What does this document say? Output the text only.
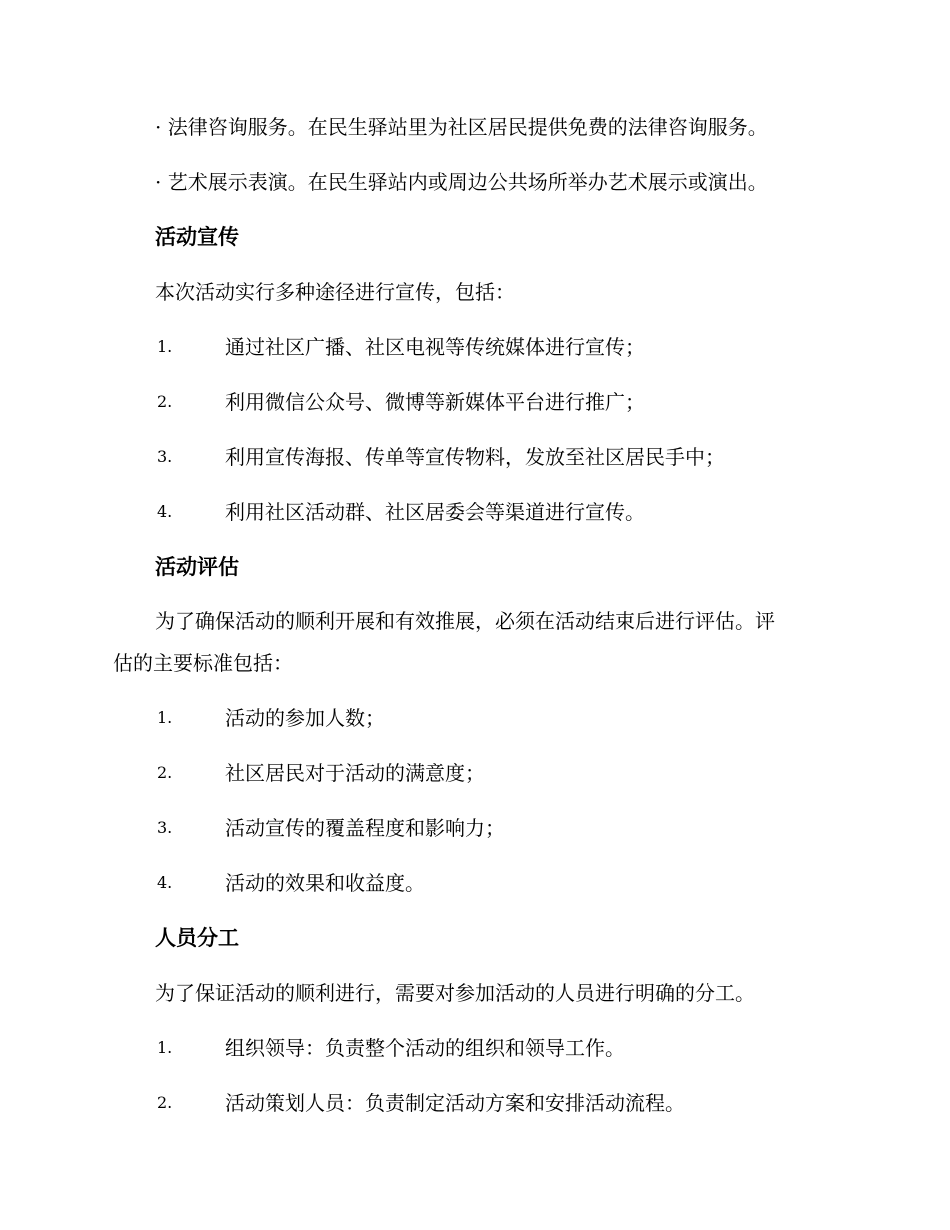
· 法律咨询服务。在民生驿站里为社区居民提供免费的法律咨询服务。
· 艺术展示表演。在民生驿站内或周边公共场所举办艺术展示或演出。
活动宣传
本次活动实行多种途径进行宣传，包括：
1.	通过社区广播、社区电视等传统媒体进行宣传；
2.	利用微信公众号、微博等新媒体平台进行推广；
3.	利用宣传海报、传单等宣传物料，发放至社区居民手中；
4.	利用社区活动群、社区居委会等渠道进行宣传。
活动评估
为了确保活动的顺利开展和有效推展，必须在活动结束后进行评估。评
估的主要标准包括：
1.	活动的参加人数；
2.	社区居民对于活动的满意度；
3.	活动宣传的覆盖程度和影响力；
4.	活动的效果和收益度。
人员分工
为了保证活动的顺利进行，需要对参加活动的人员进行明确的分工。
1.	组织领导：负责整个活动的组织和领导工作。
2.	活动策划人员：负责制定活动方案和安排活动流程。
